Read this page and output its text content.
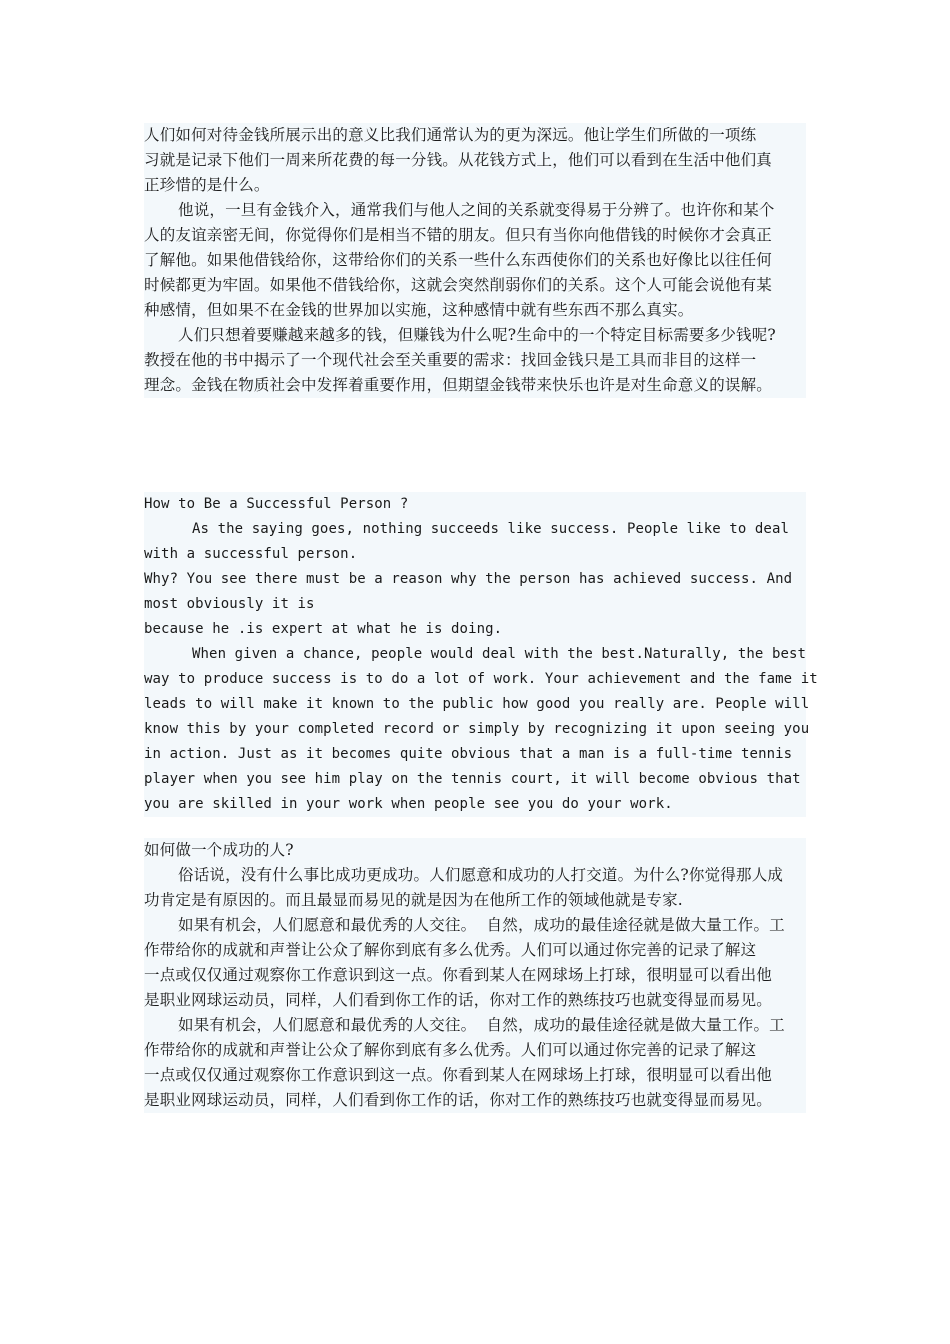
人们如何对待金钱所展示出的意义比我们通常认为的更为深远。他让学生们所做的一项练
习就是记录下他们一周来所花费的每一分钱。从花钱方式上，他们可以看到在生活中他们真
正珍惜的是什么。
他说，一旦有金钱介入，通常我们与他人之间的关系就变得易于分辨了。也许你和某个
人的友谊亲密无间，你觉得你们是相当不错的朋友。但只有当你向他借钱的时候你才会真正
了解他。如果他借钱给你，这带给你们的关系一些什么东西使你们的关系也好像比以往任何
时候都更为牢固。如果他不借钱给你，这就会突然削弱你们的关系。这个人可能会说他有某
种感情，但如果不在金钱的世界加以实施，这种感情中就有些东西不那么真实。
人们只想着要赚越来越多的钱，但赚钱为什么呢?生命中的一个特定目标需要多少钱呢?
教授在他的书中揭示了一个现代社会至关重要的需求：找回金钱只是工具而非目的这样一
理念。金钱在物质社会中发挥着重要作用，但期望金钱带来快乐也许是对生命意义的误解。
How to Be a Successful Person ?
As the saying goes, nothing succeeds like success. People like to deal
with a successful person.
Why? You see there must be a reason why the person has achieved success. And
most obviously it is
because he .is expert at what he is doing.
When given a chance, people would deal with the best.Naturally, the best
way to produce success is to do a lot of work. Your achievement and the fame it
leads to will make it known to the public how good you really are. People will
know this by your completed record or simply by recognizing it upon seeing you
in action. Just as it becomes quite obvious that a man is a full-time tennis
player when you see him play on the tennis court, it will become obvious that
you are skilled in your work when people see you do your work.
如何做一个成功的人?
俗话说，没有什么事比成功更成功。人们愿意和成功的人打交道。为什么?你觉得那人成
功肯定是有原因的。而且最显而易见的就是因为在他所工作的领域他就是专家.
如果有机会，人们愿意和最优秀的人交往。  自然，成功的最佳途径就是做大量工作。工
作带给你的成就和声誉让公众了解你到底有多么优秀。人们可以通过你完善的记录了解这
一点或仅仅通过观察你工作意识到这一点。你看到某人在网球场上打球，很明显可以看出他
是职业网球运动员，同样，人们看到你工作的话，你对工作的熟练技巧也就变得显而易见。
如果有机会，人们愿意和最优秀的人交往。  自然，成功的最佳途径就是做大量工作。工
作带给你的成就和声誉让公众了解你到底有多么优秀。人们可以通过你完善的记录了解这
一点或仅仅通过观察你工作意识到这一点。你看到某人在网球场上打球，很明显可以看出他
是职业网球运动员，同样，人们看到你工作的话，你对工作的熟练技巧也就变得显而易见。
